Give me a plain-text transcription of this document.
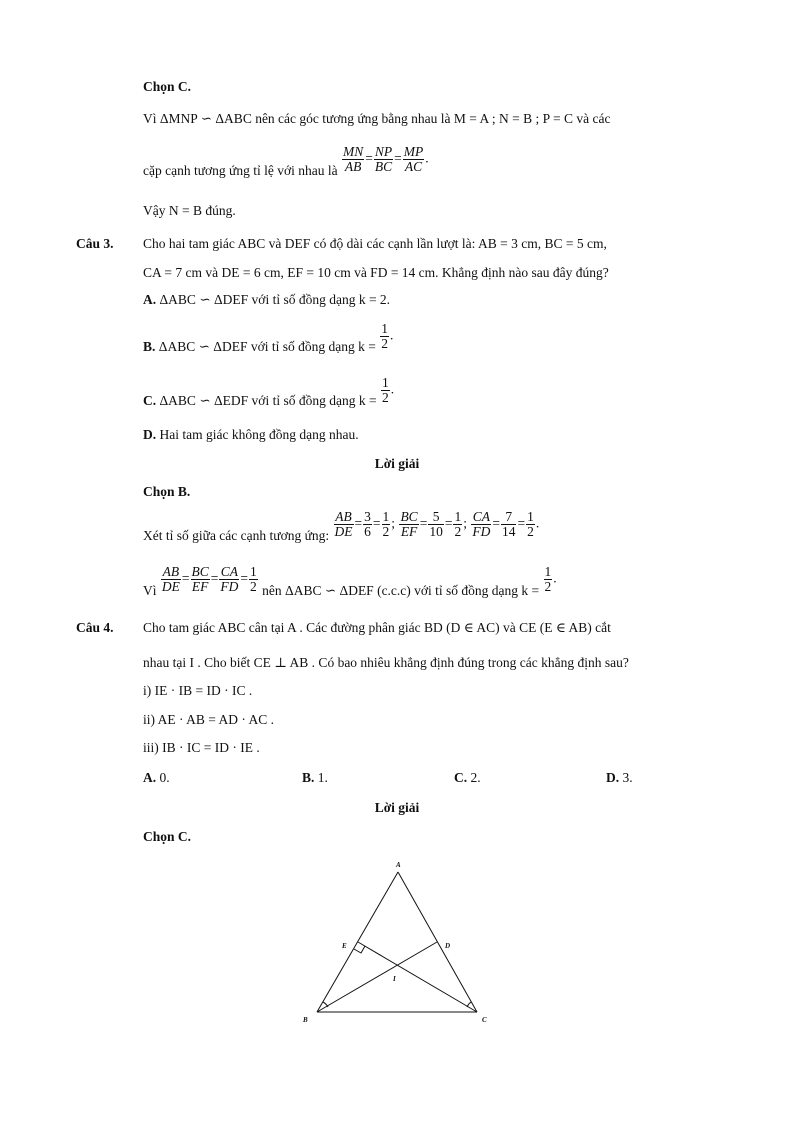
Chọn C.
Vì ΔMNP ∽ ΔABC nên các góc tương ứng bằng nhau là M = A ; N = B ; P = C và các
cặp cạnh tương ứng tỉ lệ với nhau là $\frac{MN}{AB} = \frac{NP}{BC} = \frac{MP}{AC}$ .
Vậy N = B đúng.
Câu 3. Cho hai tam giác ABC và DEF có độ dài các cạnh lần lượt là: AB = 3 cm, BC = 5 cm,
CA = 7 cm và DE = 6 cm, EF = 10 cm và FD = 14 cm. Khẳng định nào sau đây đúng?
A. ΔABC ∽ ΔDEF với tỉ số đồng dạng k = 2.
B. ΔABC ∽ ΔDEF với tỉ số đồng dạng $k = \frac{1}{2}$ .
C. ΔABC ∽ ΔEDF với tỉ số đồng dạng $k = \frac{1}{2}$ .
D. Hai tam giác không đồng dạng nhau.
Lời giải
Chọn B.
Xét tỉ số giữa các cạnh tương ứng: $\frac{AB}{DE} = \frac{3}{6} = \frac{1}{2}$ ; $\frac{BC}{EF} = \frac{5}{10} = \frac{1}{2}$ ; $\frac{CA}{FD} = \frac{7}{14} = \frac{1}{2}$ .
Vì $\frac{AB}{DE} = \frac{BC}{EF} = \frac{CA}{FD} = \frac{1}{2}$ nên ΔABC ∽ ΔDEF (c.c.c) với tỉ số đồng dạng $k = \frac{1}{2}$ .
Câu 4. Cho tam giác ABC cân tại A . Các đường phân giác BD (D ∈ AC) và CE (E ∈ AB) cắt
nhau tại I . Cho biết CE ⊥ AB . Có bao nhiêu khẳng định đúng trong các khẳng định sau?
i) IE · IB = ID · IC .
ii) AE · AB = AD · AC .
iii) IB · IC = ID · IE .
A. 0.	B. 1.	C. 2.	D. 3.
Lời giải
Chọn C.
A
B	C
D
E
I
